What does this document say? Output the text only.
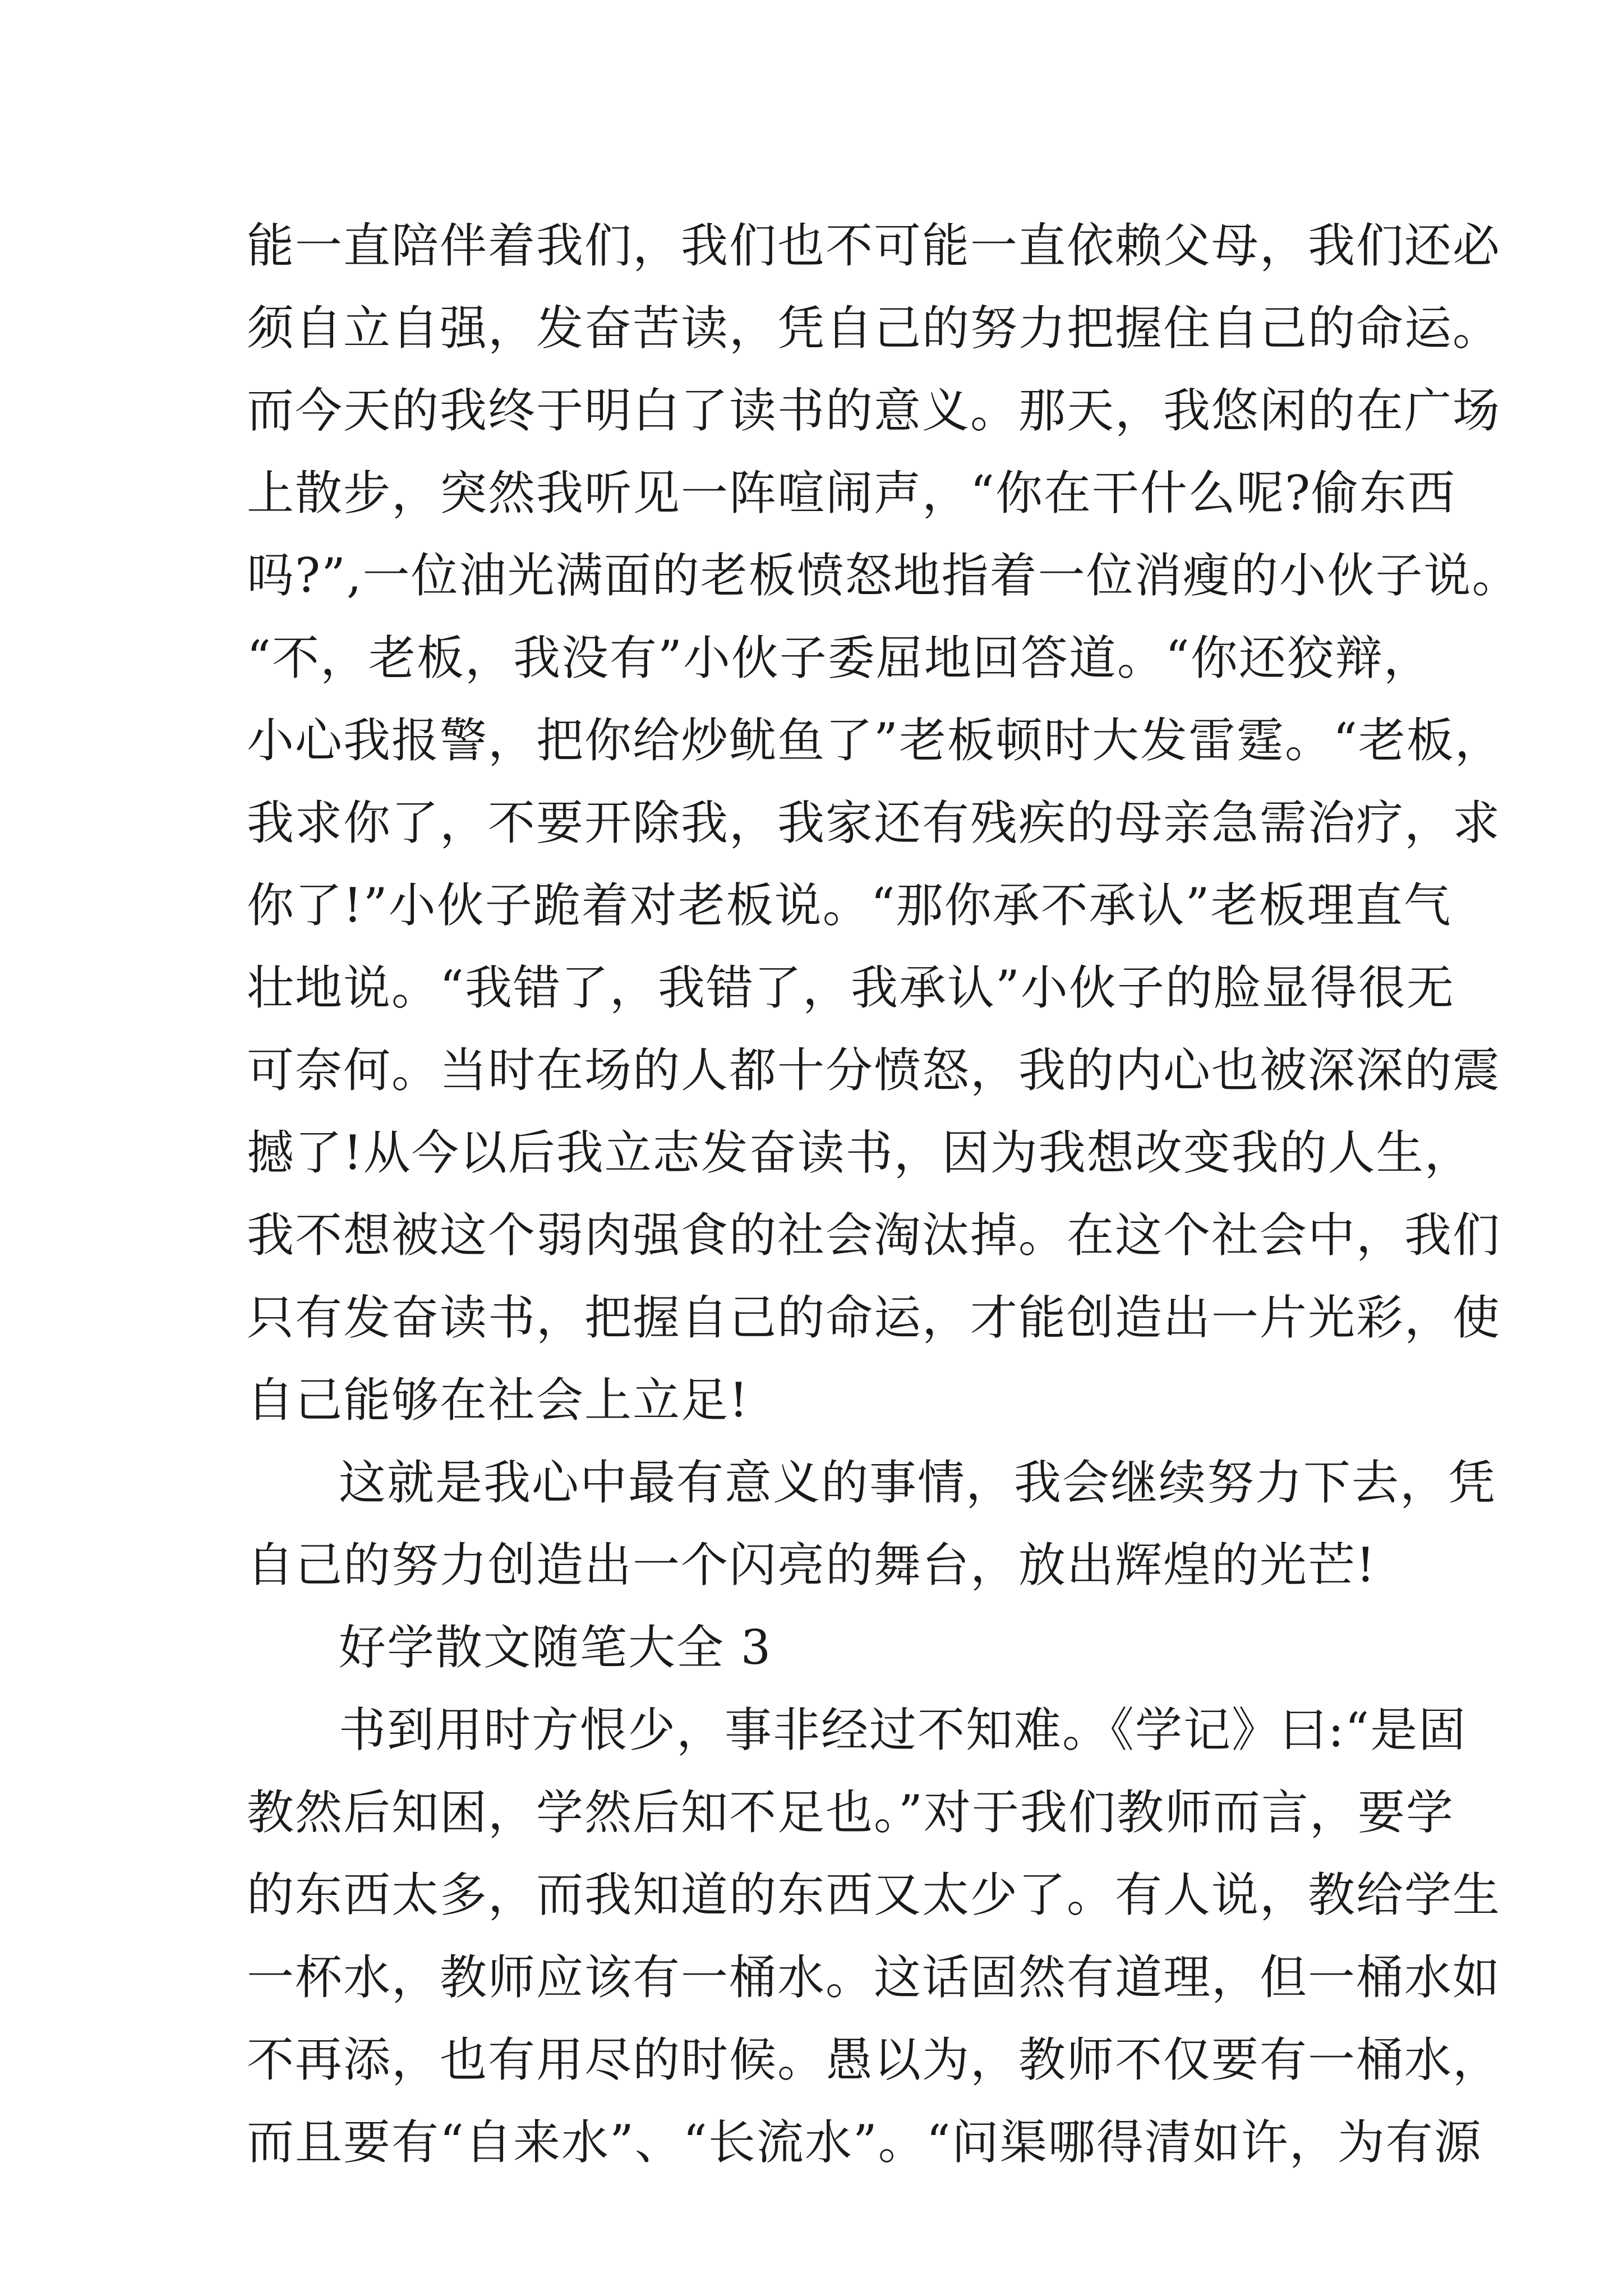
能一直陪伴着我们，我们也不可能一直依赖父母，我们还必
须自立自强，发奋苦读，凭自己的努力把握住自己的命运。
而今天的我终于明白了读书的意义。那天，我悠闲的在广场
上散步，突然我听见一阵喧闹声，“你在干什么呢?偷东西
吗?”,一位油光满面的老板愤怒地指着一位消瘦的小伙子说。
“不，老板，我没有”小伙子委屈地回答道。“你还狡辩，
小心我报警，把你给炒鱿鱼了”老板顿时大发雷霆。“老板，
我求你了，不要开除我，我家还有残疾的母亲急需治疗，求
你了!”小伙子跪着对老板说。“那你承不承认”老板理直气
壮地说。“我错了，我错了，我承认”小伙子的脸显得很无
可奈何。当时在场的人都十分愤怒，我的内心也被深深的震
撼了!从今以后我立志发奋读书，因为我想改变我的人生，
我不想被这个弱肉强食的社会淘汰掉。在这个社会中，我们
只有发奋读书，把握自己的命运，才能创造出一片光彩，使
自己能够在社会上立足!
这就是我心中最有意义的事情，我会继续努力下去，凭
自己的努力创造出一个闪亮的舞台，放出辉煌的光芒!
好学散文随笔大全 3
书到用时方恨少，事非经过不知难。《学记》曰:“是固
教然后知困，学然后知不足也。”对于我们教师而言，要学
的东西太多，而我知道的东西又太少了。有人说，教给学生
一杯水，教师应该有一桶水。这话固然有道理，但一桶水如
不再添，也有用尽的时候。愚以为，教师不仅要有一桶水，
而且要有“自来水”、“长流水”。“问渠哪得清如许，为有源
